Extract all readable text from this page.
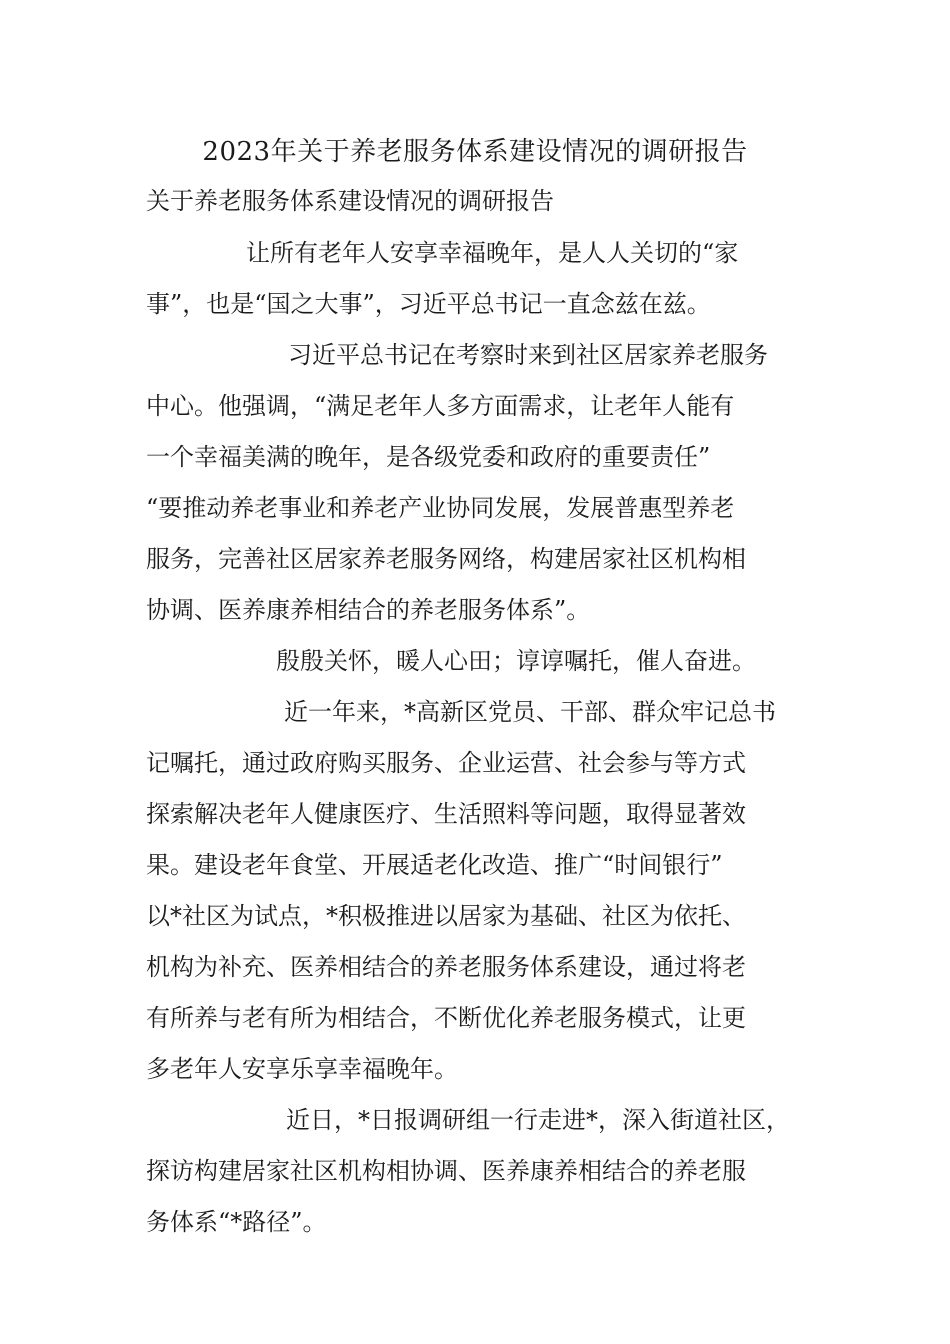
2023年关于养老服务体系建设情况的调研报告
关于养老服务体系建设情况的调研报告
让所有老年人安享幸福晚年，是人人关切的“家
事”，也是“国之大事”，习近平总书记一直念兹在兹。
习近平总书记在考察时来到社区居家养老服务
中心。他强调，“满足老年人多方面需求，让老年人能有
一个幸福美满的晚年，是各级党委和政府的重要责任”
“要推动养老事业和养老产业协同发展，发展普惠型养老
服务，完善社区居家养老服务网络，构建居家社区机构相
协调、医养康养相结合的养老服务体系”。
殷殷关怀，暖人心田；谆谆嘱托，催人奋进。
近一年来，*高新区党员、干部、群众牢记总书
记嘱托，通过政府购买服务、企业运营、社会参与等方式
探索解决老年人健康医疗、生活照料等问题，取得显著效
果。建设老年食堂、开展适老化改造、推广“时间银行”
以*社区为试点，*积极推进以居家为基础、社区为依托、
机构为补充、医养相结合的养老服务体系建设，通过将老
有所养与老有所为相结合，不断优化养老服务模式，让更
多老年人安享乐享幸福晚年。
近日，*日报调研组一行走进*，深入街道社区，
探访构建居家社区机构相协调、医养康养相结合的养老服
务体系“*路径”。
